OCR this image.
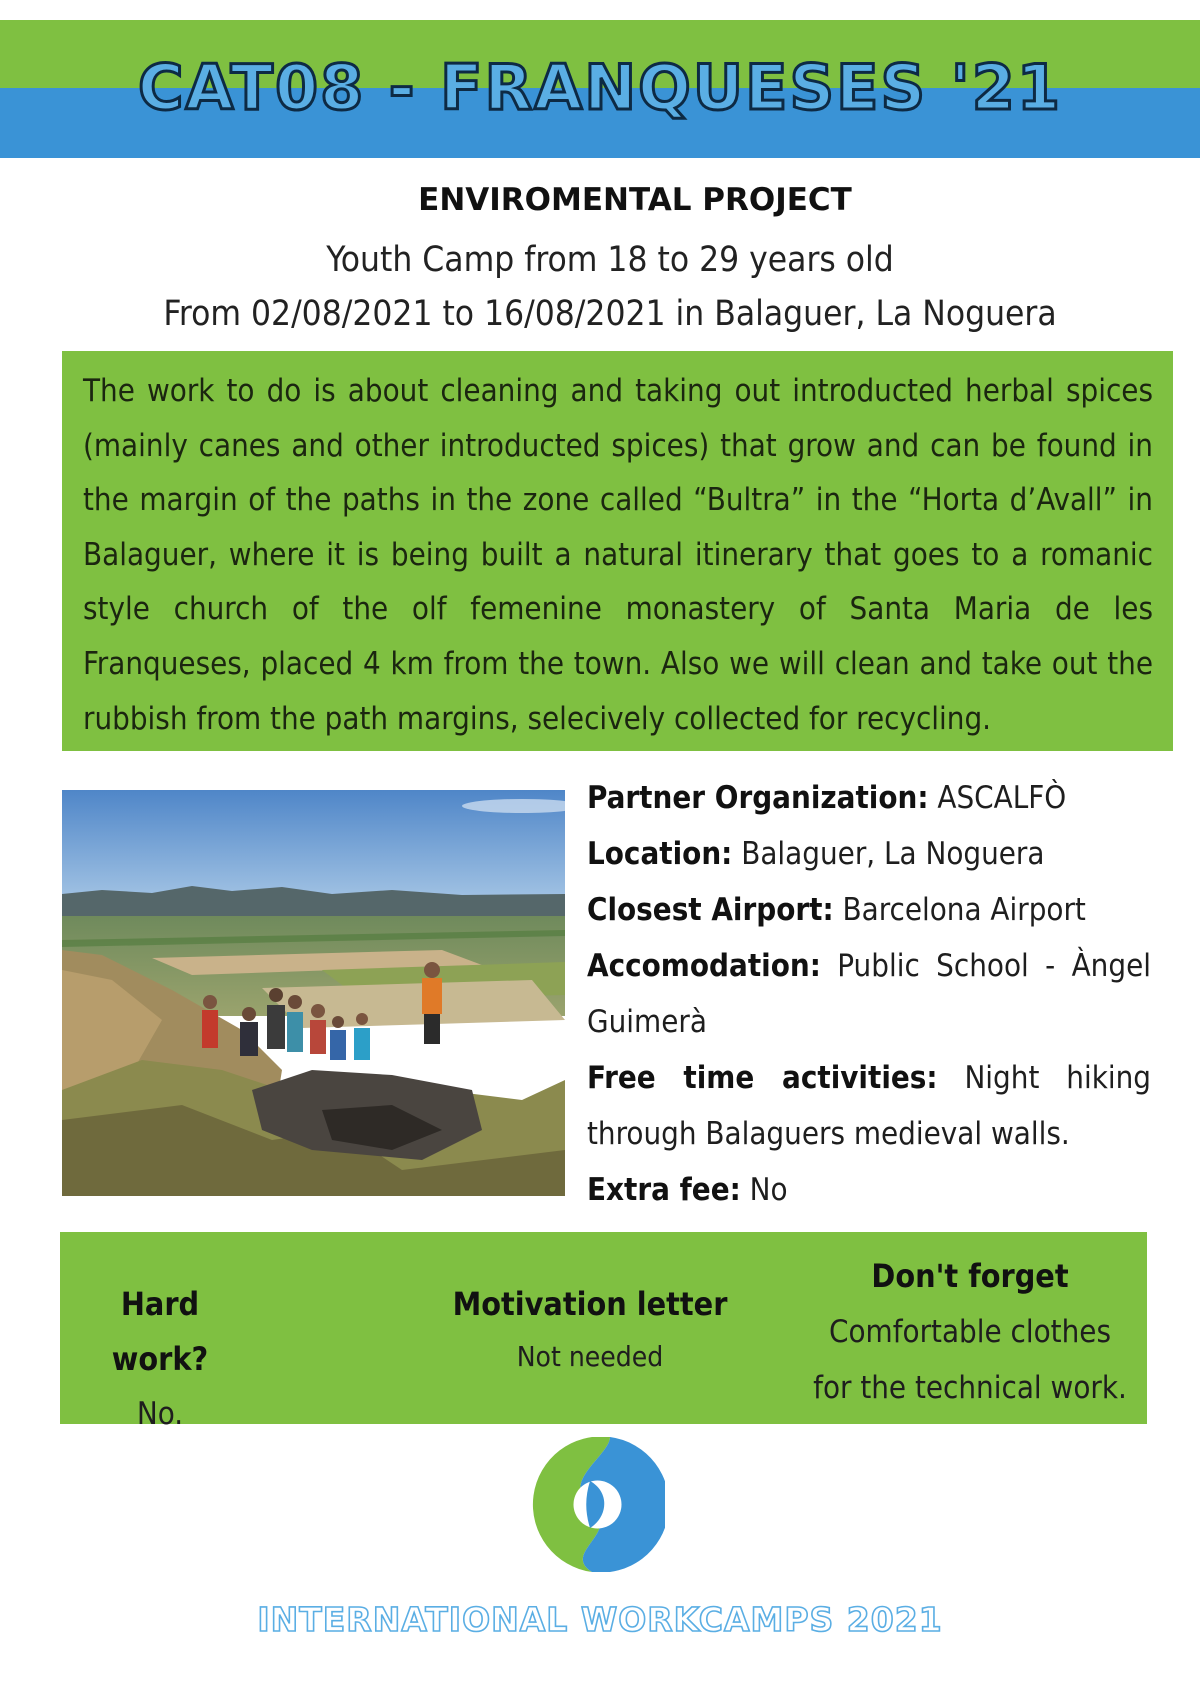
CAT08 - FRANQUESES '21
ENVIROMENTAL PROJECT

Youth Camp from 18 to 29 years old

From 02/08/2021 to 16/08/2021 in Balaguer, La Noguera

The work to do is about cleaning and taking out introducted herbal spices (mainly canes and other introducted spices) that grow and can be found in the margin of the paths in the zone called “Bultra” in the “Horta d’Avall” in Balaguer, where it is being built a natural itinerary that goes to a romanic style church of the olf femenine monastery of Santa Maria de les Franqueses, placed 4 km from the town. Also we will clean and take out the rubbish from the path margins, selecively collected for recycling.

Partner Organization: ASCALFÒ

Location: Balaguer, La Noguera

Closest Airport: Barcelona Airport

Accomodation: Public School - Àngel Guimerà

Free time activities: Night hiking through Balaguers medieval walls.

Extra fee: No

Hard work?
No.
Motivation letter
Not needed
Don't forget
Comfortable clothes
for the technical work.

INTERNATIONAL WORKCAMPS 2021
